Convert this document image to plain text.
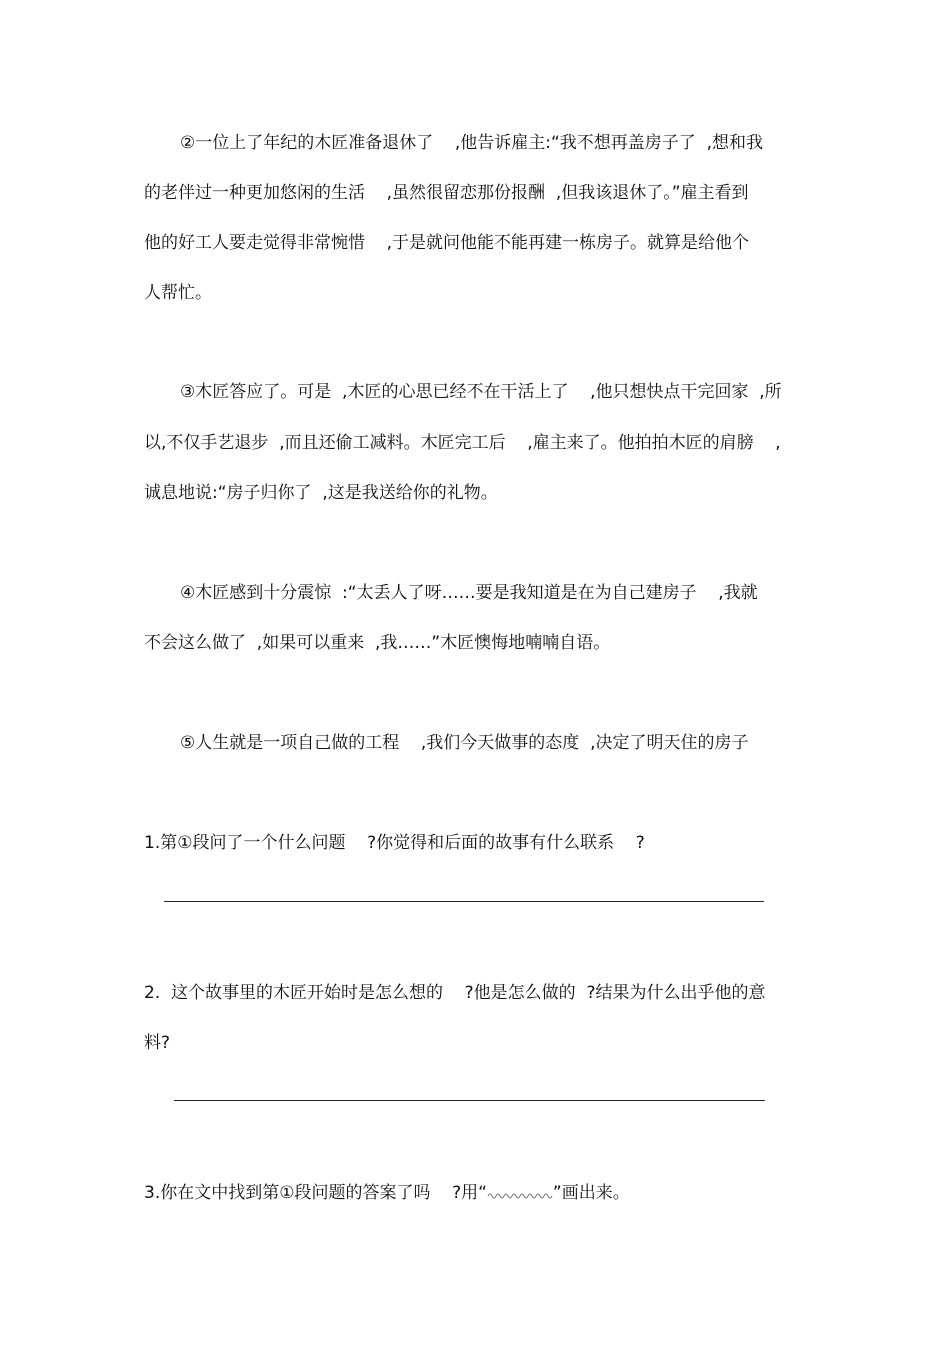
②一位上了年纪的木匠准备退休了    ,他告诉雇主:“我不想再盖房子了  ,想和我
的老伴过一种更加悠闲的生活    ,虽然很留恋那份报酬  ,但我该退休了。”雇主看到
他的好工人要走觉得非常惋惜    ,于是就问他能不能再建一栋房子。就算是给他个
人帮忙。
③木匠答应了。可是  ,木匠的心思已经不在干活上了    ,他只想快点干完回家  ,所
以,不仅手艺退步  ,而且还偷工减料。木匠完工后    ,雇主来了。他拍拍木匠的肩膀    ,
诚息地说:“房子归你了  ,这是我送给你的礼物。
④木匠感到十分震惊  :“太丢人了呀……要是我知道是在为自己建房子    ,我就
不会这么做了  ,如果可以重来  ,我……”木匠懊悔地喃喃自语。
⑤人生就是一项自己做的工程    ,我们今天做事的态度  ,决定了明天住的房子
1.第①段问了一个什么问题    ?你觉得和后面的故事有什么联系    ?
2.  这个故事里的木匠开始时是怎么想的    ?他是怎么做的  ?结果为什么出乎他的意
料?
3.你在文中找到第①段问题的答案了吗    ?用“	”画出来。
